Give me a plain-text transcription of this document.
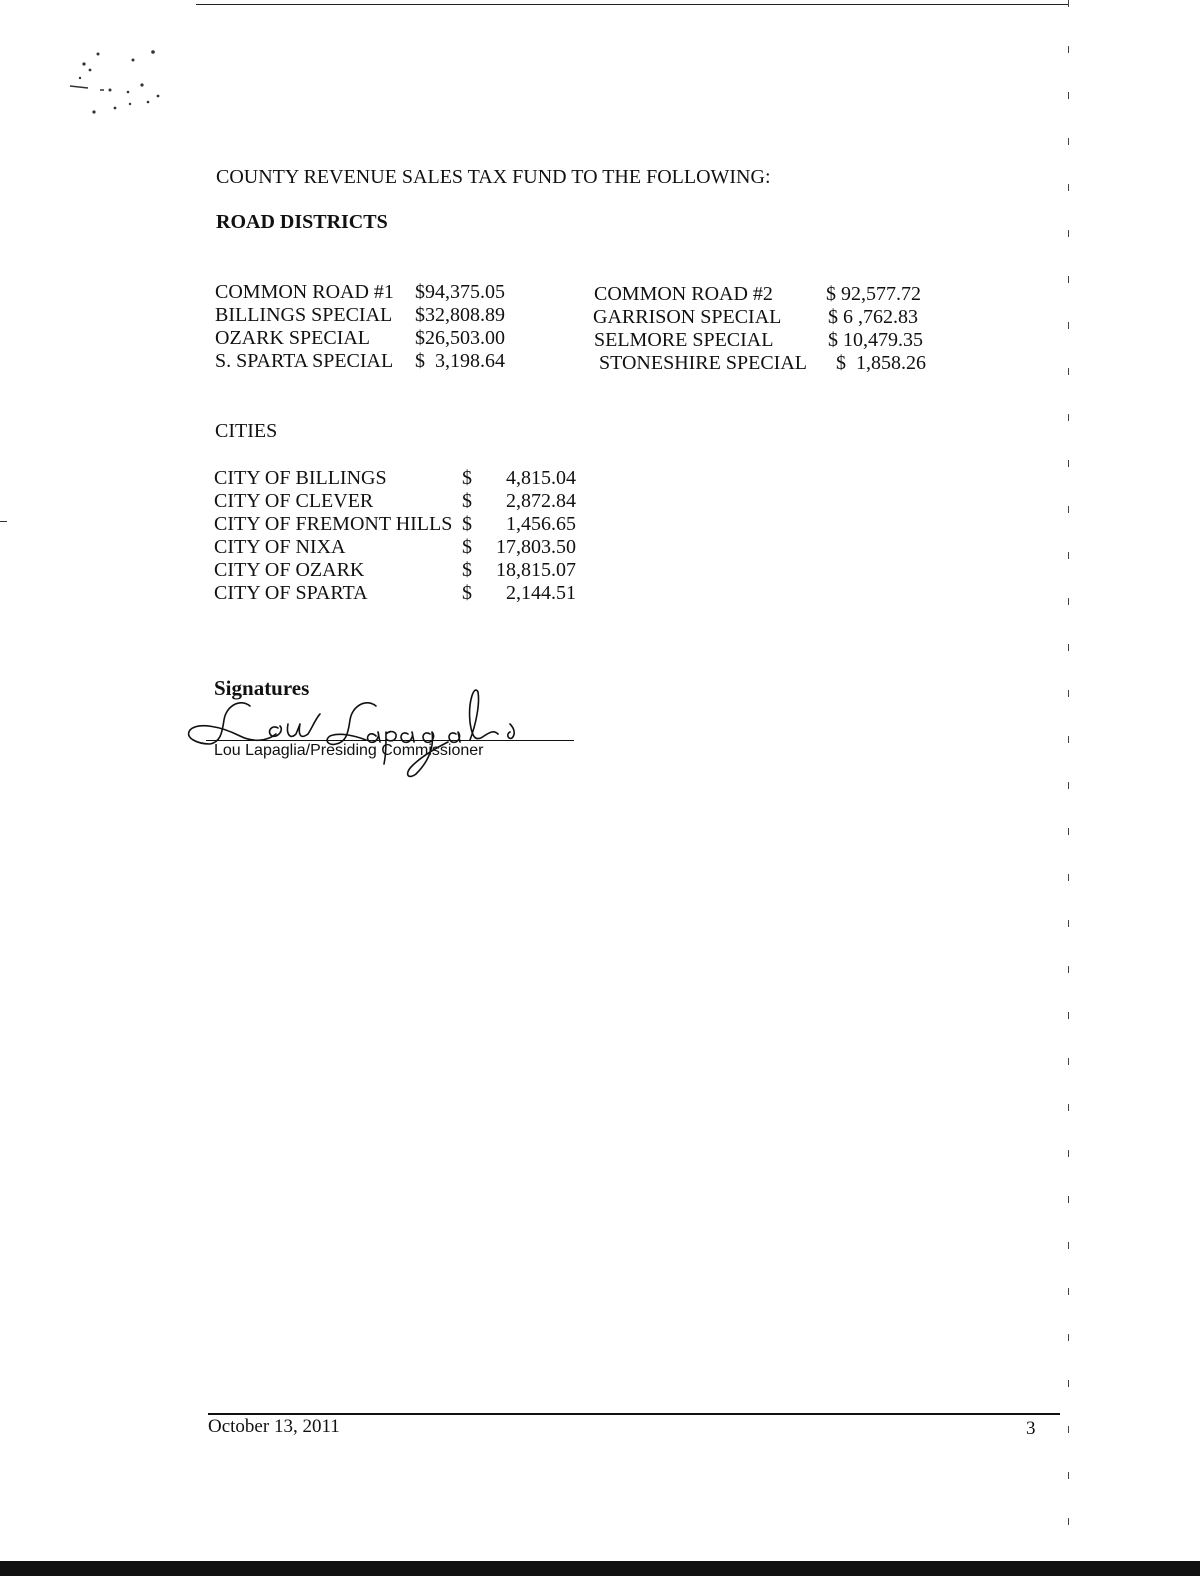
COUNTY REVENUE SALES TAX FUND TO THE FOLLOWING:
ROAD DISTRICTS
COMMON ROAD #1 $94,375.05
BILLINGS SPECIAL $32,808.89
OZARK SPECIAL $26,503.00
S. SPARTA SPECIAL $  3,198.64
COMMON ROAD #2	$ 92,577.72
GARRISON SPECIAL $ 6 ,762.83
SELMORE SPECIAL	$ 10,479.35
STONESHIRE SPECIAL $  1,858.26
CITIES
CITY OF BILLINGS	$	4,815.04
CITY OF CLEVER	$	2,872.84
CITY OF FREMONT HILLS $	1,456.65
CITY OF NIXA	$	17,803.50
CITY OF OZARK	$	18,815.07
CITY OF SPARTA	$	2,144.51
Signatures
Lou Lapaglia/Presiding Commissioner
October 13, 2011	3
